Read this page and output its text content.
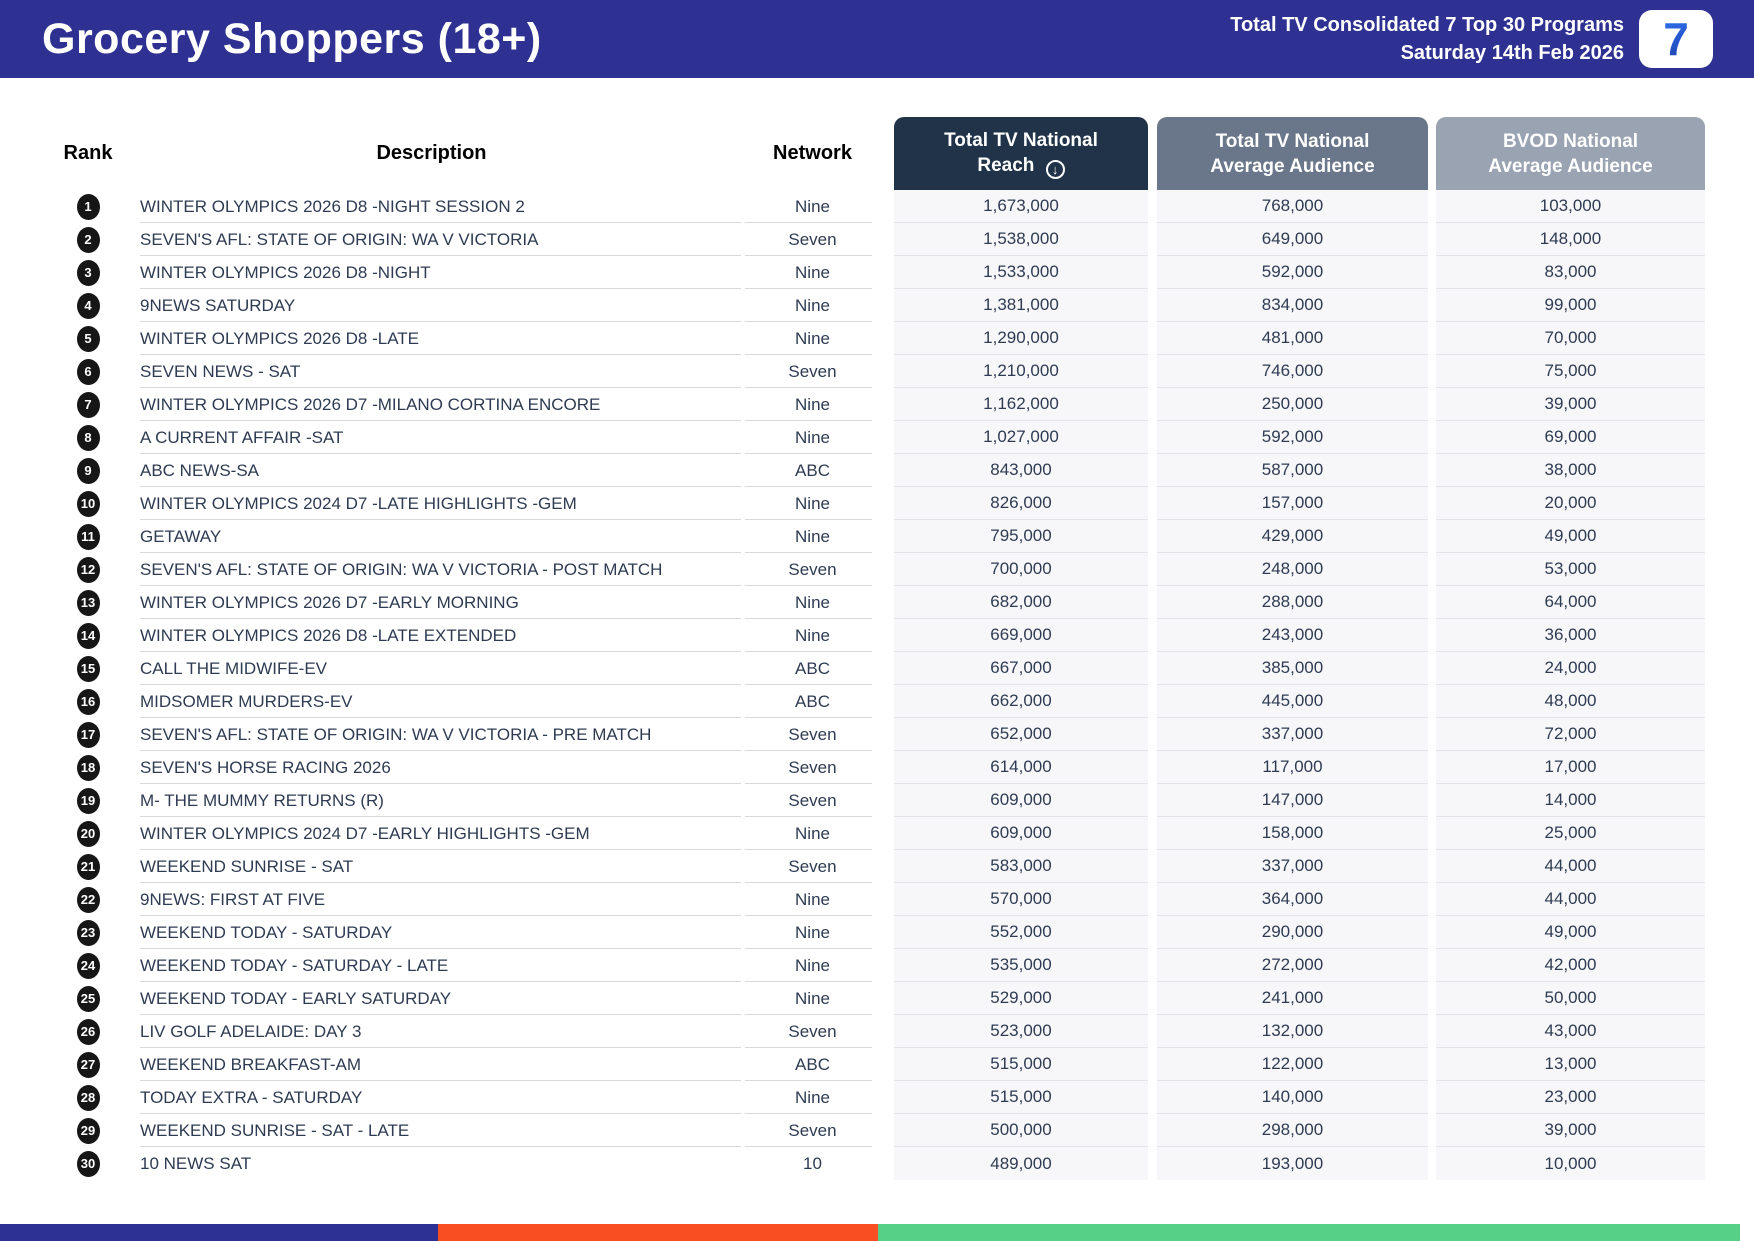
Grocery Shoppers (18+)	Total TV Consolidated 7 Top 30 Programs
Saturday 14th Feb 2026 7
Rank	Description	Network
Total TV National
Reach ↓
Total TV National
Average Audience
BVOD National
Average Audience
1	WINTER OLYMPICS 2026 D8 -NIGHT SESSION 2	Nine	1,673,000	768,000	103,000
2	SEVEN'S AFL: STATE OF ORIGIN: WA V VICTORIA	Seven	1,538,000	649,000	148,000
3	WINTER OLYMPICS 2026 D8 -NIGHT	Nine	1,533,000	592,000	83,000
4	9NEWS SATURDAY	Nine	1,381,000	834,000	99,000
5	WINTER OLYMPICS 2026 D8 -LATE	Nine	1,290,000	481,000	70,000
6	SEVEN NEWS - SAT	Seven	1,210,000	746,000	75,000
7	WINTER OLYMPICS 2026 D7 -MILANO CORTINA ENCORE	Nine	1,162,000	250,000	39,000
8	A CURRENT AFFAIR -SAT	Nine	1,027,000	592,000	69,000
9	ABC NEWS-SA	ABC	843,000	587,000	38,000
10	WINTER OLYMPICS 2024 D7 -LATE HIGHLIGHTS -GEM	Nine	826,000	157,000	20,000
11	GETAWAY	Nine	795,000	429,000	49,000
12	SEVEN'S AFL: STATE OF ORIGIN: WA V VICTORIA - POST MATCH	Seven	700,000	248,000	53,000
13	WINTER OLYMPICS 2026 D7 -EARLY MORNING	Nine	682,000	288,000	64,000
14	WINTER OLYMPICS 2026 D8 -LATE EXTENDED	Nine	669,000	243,000	36,000
15	CALL THE MIDWIFE-EV	ABC	667,000	385,000	24,000
16	MIDSOMER MURDERS-EV	ABC	662,000	445,000	48,000
17	SEVEN'S AFL: STATE OF ORIGIN: WA V VICTORIA - PRE MATCH	Seven	652,000	337,000	72,000
18	SEVEN'S HORSE RACING 2026	Seven	614,000	117,000	17,000
19	M- THE MUMMY RETURNS (R)	Seven	609,000	147,000	14,000
20	WINTER OLYMPICS 2024 D7 -EARLY HIGHLIGHTS -GEM	Nine	609,000	158,000	25,000
21	WEEKEND SUNRISE - SAT	Seven	583,000	337,000	44,000
22	9NEWS: FIRST AT FIVE	Nine	570,000	364,000	44,000
23	WEEKEND TODAY - SATURDAY	Nine	552,000	290,000	49,000
24	WEEKEND TODAY - SATURDAY - LATE	Nine	535,000	272,000	42,000
25	WEEKEND TODAY - EARLY SATURDAY	Nine	529,000	241,000	50,000
26	LIV GOLF ADELAIDE: DAY 3	Seven	523,000	132,000	43,000
27	WEEKEND BREAKFAST-AM	ABC	515,000	122,000	13,000
28	TODAY EXTRA - SATURDAY	Nine	515,000	140,000	23,000
29	WEEKEND SUNRISE - SAT - LATE	Seven	500,000	298,000	39,000
30	10 NEWS SAT	10	489,000	193,000	10,000
